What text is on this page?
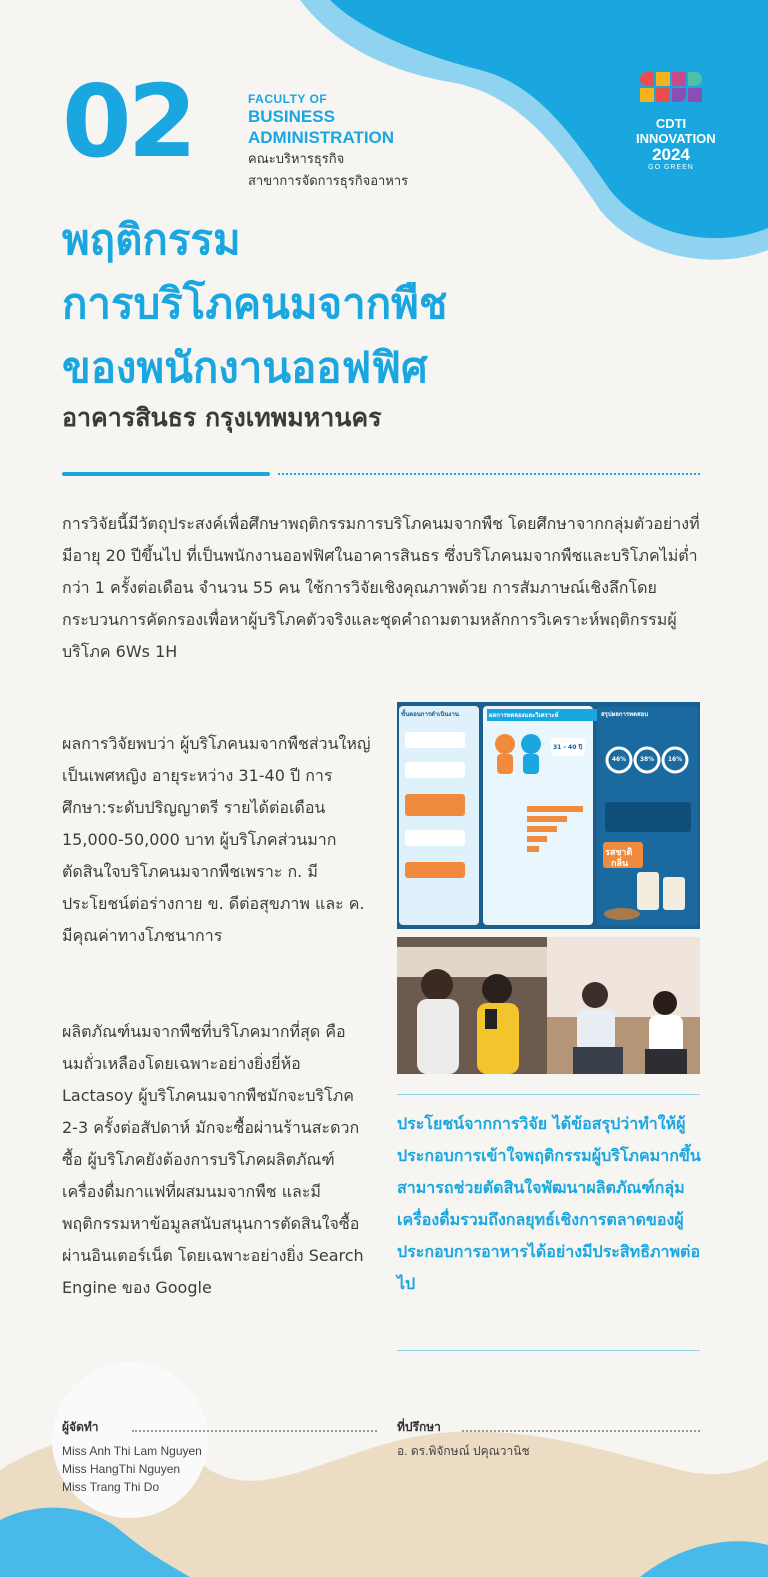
02	FACULTY OF
BUSINESS
ADMINISTRATION
คณะบริหารธุรกิจ
สาขาการจัดการธุรกิจอาหาร
CDTI
INNOVATION
2024
GO GREEN
พฤติกรรม
การบริโภคนมจากพืช
ของพนักงานออฟฟิศ
อาคารสินธร กรุงเทพมหานคร
การวิจัยนี้มีวัตถุประสงค์เพื่อศึกษาพฤติกรรมการบริโภคนมจากพืช โดยศึกษาจากกลุ่มตัวอย่างที่มีอายุ 20 ปีขึ้นไป ที่เป็นพนักงานออฟฟิศในอาคารสินธร ซึ่งบริโภคนมจากพืชและบริโภคไม่ต่ำกว่า 1 ครั้งต่อเดือน จำนวน 55 คน ใช้การวิจัยเชิงคุณภาพด้วย การสัมภาษณ์เชิงลึกโดยกระบวนการคัดกรองเพื่อหาผู้บริโภคตัวจริงและชุดคำถามตามหลักการวิเคราะห์พฤติกรรมผู้บริโภค 6Ws 1H
ผลการวิจัยพบว่า ผู้บริโภคนมจากพืชส่วนใหญ่เป็นเพศหญิง อายุระหว่าง 31-40 ปี การศึกษา:ระดับปริญญาตรี รายได้ต่อเดือน 15,000-50,000 บาท ผู้บริโภคส่วนมากตัดสินใจบริโภคนมจากพืชเพราะ ก. มีประโยชน์ต่อร่างกาย ข. ดีต่อสุขภาพ และ ค. มีคุณค่าทางโภชนาการ
ผลิตภัณฑ์นมจากพืชที่บริโภคมากที่สุด คือ นมถั่วเหลืองโดยเฉพาะอย่างยิ่งยี่ห้อ Lactasoy ผู้บริโภคนมจากพืชมักจะบริโภค 2-3 ครั้งต่อสัปดาห์ มักจะซื้อผ่านร้านสะดวกซื้อ ผู้บริโภคยังต้องการบริโภคผลิตภัณฑ์เครื่องดื่มกาแฟที่ผสมนมจากพืช และมีพฤติกรรมหาข้อมูลสนับสนุนการตัดสินใจซื้อผ่านอินเตอร์เน็ต โดยเฉพาะอย่างยิ่ง Search Engine ของ Google
ขั้นตอนการดำเนินงาน	ผลการทดลองและวิเคราะห์	สรุปผลการทดสอบ
31 - 40 ปี
46% 38% 16%
รสชาติ
กลิ่น
ประโยชน์จากการวิจัย ได้ข้อสรุปว่าทำให้ผู้ประกอบการเข้าใจพฤติกรรมผู้บริโภคมากขึ้น สามารถช่วยตัดสินใจพัฒนาผลิตภัณฑ์กลุ่มเครื่องดื่มรวมถึงกลยุทธ์เชิงการตลาดของผู้ประกอบการอาหารได้อย่างมีประสิทธิภาพต่อไป
ผู้จัดทำ
Miss Anh Thi Lam Nguyen
Miss HangThi Nguyen
Miss Trang Thi Do
ที่ปรึกษา
อ. ดร.พิจักษณ์ ปคุณวานิช
